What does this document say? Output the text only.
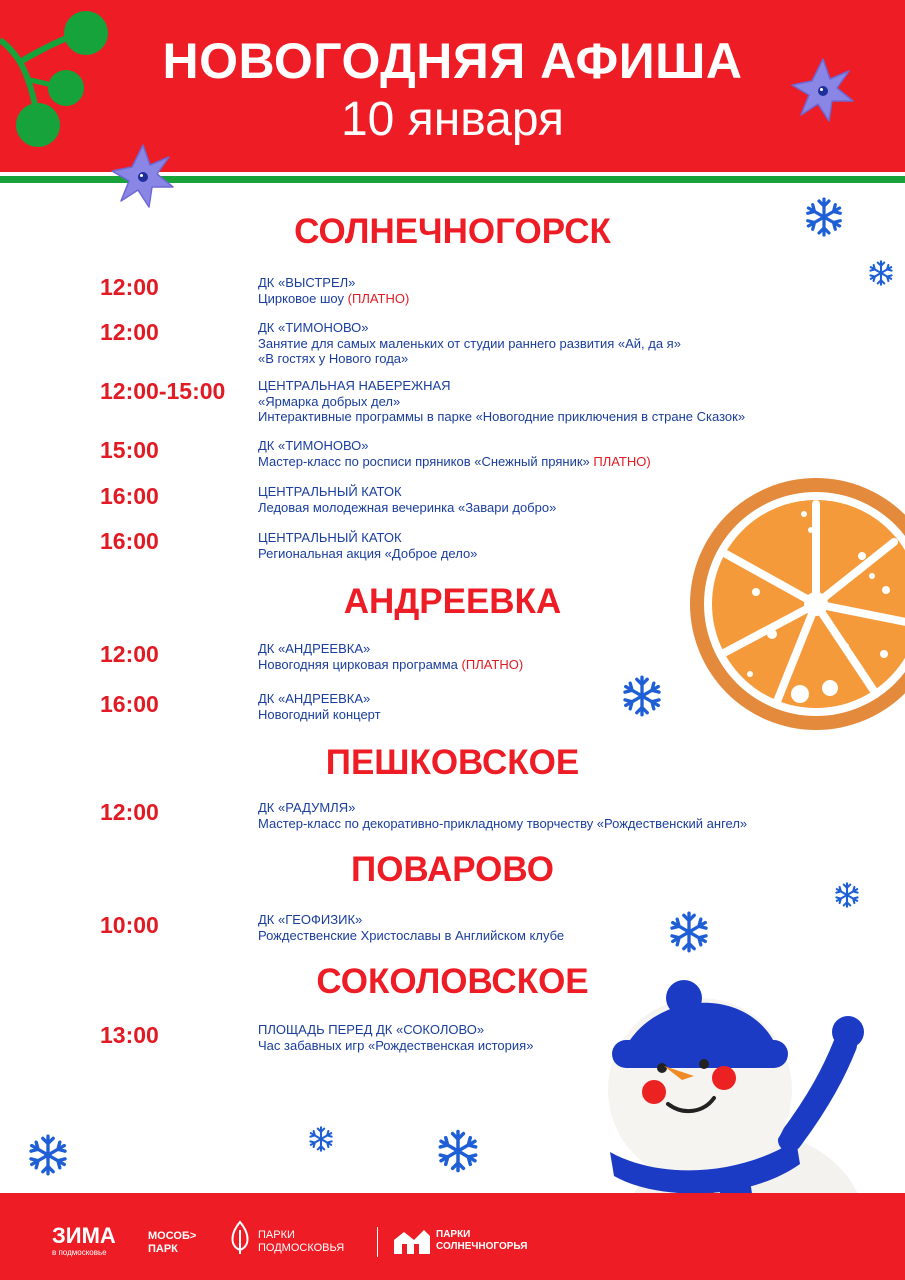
НОВОГОДНЯЯ АФИША
10 января
СОЛНЕЧНОГОРСК
12:00	ДК «ВЫСТРЕЛ»
Цирковое шоу (ПЛАТНО)
12:00	ДК «ТИМОНОВО»
Занятие для самых маленьких от студии раннего развития «Ай, да я»
«В гостях у Нового года»
12:00-15:00	ЦЕНТРАЛЬНАЯ НАБЕРЕЖНАЯ
«Ярмарка добрых дел»
Интерактивные программы в парке «Новогодние приключения в стране Сказок»
15:00	ДК «ТИМОНОВО»
Мастер-класс по росписи пряников «Снежный пряник» ПЛАТНО)
16:00	ЦЕНТРАЛЬНЫЙ КАТОК
Ледовая молодежная вечеринка «Завари добро»
16:00	ЦЕНТРАЛЬНЫЙ КАТОК
Региональная акция «Доброе дело»
АНДРЕЕВКА
12:00	ДК «АНДРЕЕВКА»
Новогодняя цирковая программа (ПЛАТНО)
16:00	ДК «АНДРЕЕВКА»
Новогодний концерт
ПЕШКОВСКОЕ
12:00	ДК «РАДУМЛЯ»
Мастер-класс по декоративно-прикладному творчеству «Рождественский ангел»
ПОВАРОВО
10:00	ДК «ГЕОФИЗИК»
Рождественские Христославы в Английском клубе
СОКОЛОВСКОЕ
13:00	ПЛОЩАДЬ ПЕРЕД ДК «СОКОЛОВО»
Час забавных игр «Рождественская история»
ЗИМА
в подмосковье
МОСОБ>
ПАРК
ПАРКИ
ПОДМОСКОВЬЯ
ПАРКИ
СОЛНЕЧНОГОРЬЯ
